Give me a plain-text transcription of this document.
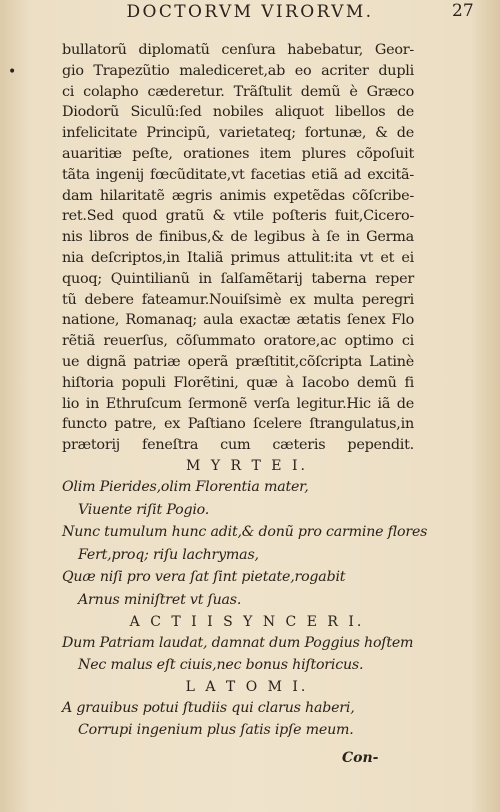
DOCTORVM VIRORVM.	27
•
bullatorũ diplomatũ cenſura habebatur, Geor-
gio Trapezũtio malediceret,ab eo acriter dupli
ci colapho cæderetur. Trãſtulit demũ è Græco
Diodorũ Siculũ:ſed nobiles aliquot libellos de
infelicitate Principũ, varietateq; fortunæ, & de
auaritiæ peſte, orationes item plures cõpoſuit
tãta ingenij fœcũditate,vt facetias etiã ad excitã-
dam hilaritatẽ ægris animis expetẽdas cõſcribe-
ret.Sed quod gratũ & vtile poſteris fuit,Cicero-
nis libros de finibus,& de legibus à ſe in Germa
nia deſcriptos,in Italiã primus attulit:ita vt et ei
quoq; Quintilianũ in ſalſamẽtarij taberna reper
tũ debere fateamur.Nouiſsimè ex multa peregri
natione, Romanaq; aula exactæ ætatis ſenex Flo
rẽtiã reuerſus, cõſummato oratore,ac optimo ci
ue dignã patriæ operã præſtitit,cõſcripta Latinè
hiſtoria populi Florẽtini, quæ à Iacobo demũ fi
lio in Ethruſcum ſermonẽ verſa legitur.Hic iã de
functo patre, ex Paſtiano ſcelere ſtrangulatus,in
prætorij feneſtra cum cæteris pependit.
M Y R T E I.
Olim Pierides,olim Florentia mater,
Viuente riſit Pogio.
Nunc tumulum hunc adit,& donũ pro carmine flores
Fert,proq; riſu lachrymas,
Quæ niſi pro vera ſat ſint pietate,rogabit
Arnus miniſtret vt ſuas.
A C T I I S Y N C E R I.
Dum Patriam laudat, damnat dum Poggius hoſtem
Nec malus eſt ciuis,nec bonus hiſtoricus.
L A T O M I.
A grauibus potui ſtudiis qui clarus haberi,
Corrupi ingenium plus ſatis ipſe meum.
Con-
